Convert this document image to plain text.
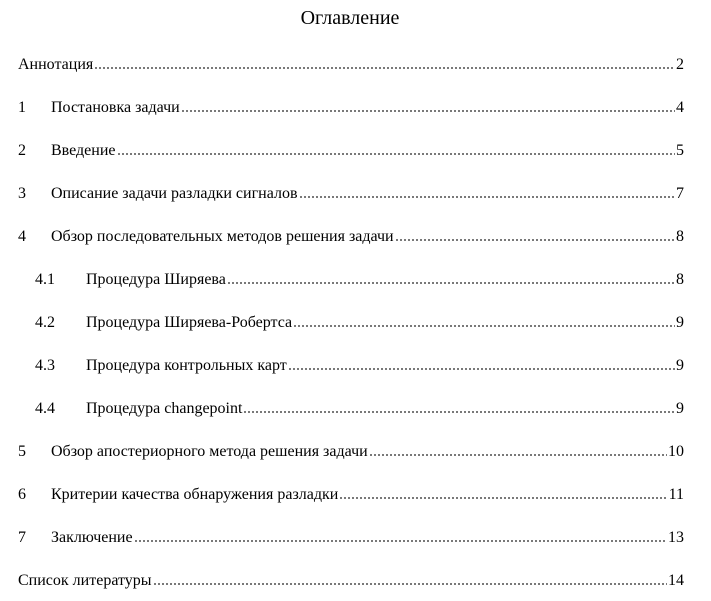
Оглавление
Аннотация	2
1	Постановка задачи	4
2	Введение	5
3	Описание задачи разладки сигналов	7
4	Обзор последовательных методов решения задачи	8
4.1	Процедура Ширяева	8
4.2	Процедура Ширяева-Робертса	9
4.3	Процедура контрольных карт	9
4.4	Процедура changepoint	9
5	Обзор апостериорного метода решения задачи	10
6	Критерии качества обнаружения разладки	11
7	Заключение	13
Список литературы	14
